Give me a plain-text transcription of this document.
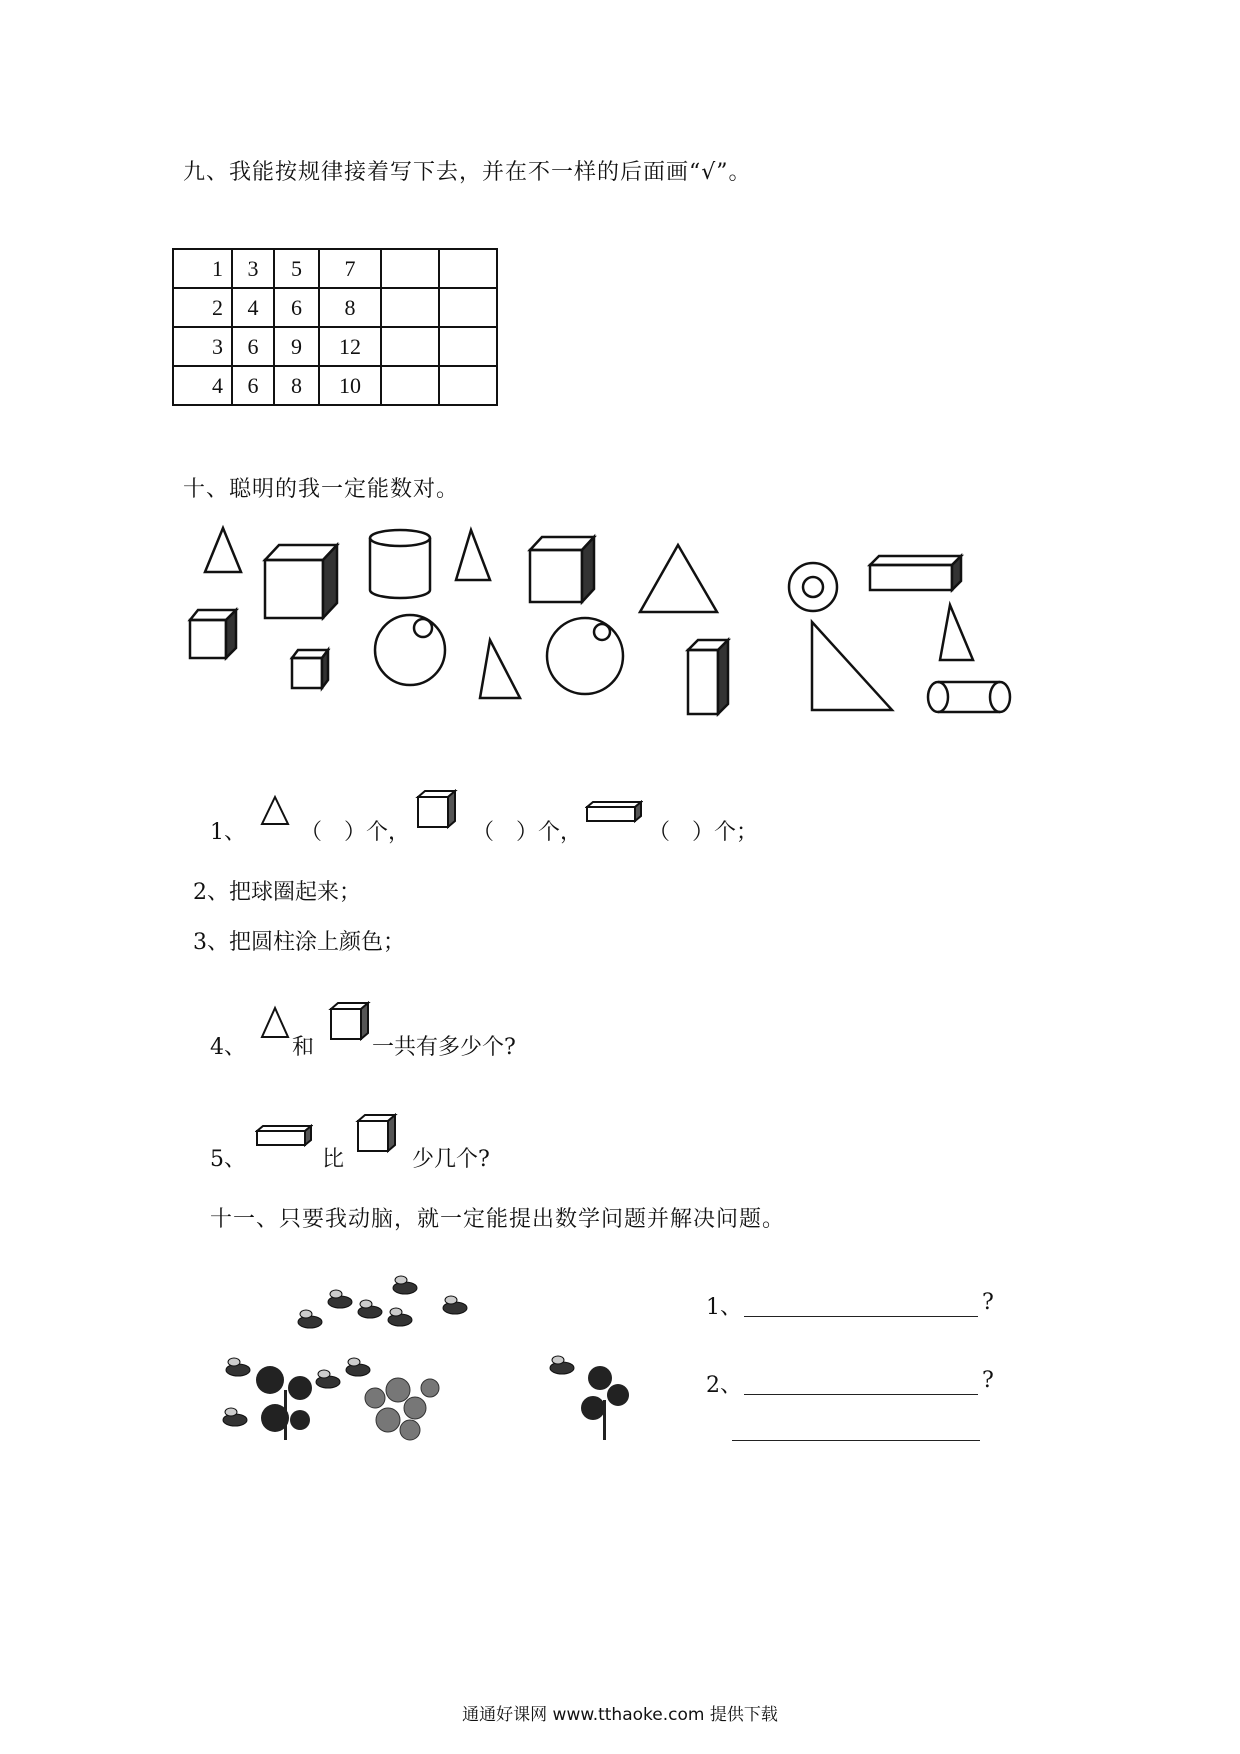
九、我能按规律接着写下去，并在不一样的后面画“√”。
1	3	5	7		
2	4	6	8		
3	6	9	12		
4	6	8	10		
十、聪明的我一定能数对。
1、 （　）个，	（　）个，	（　）个；
2、把球圈起来；
3、把圆柱涂上颜色；
4、 和	一共有多少个?
5、	比	少几个?
十一、只要我动脑，就一定能提出数学问题并解决问题。
1、	?
2、	?
通通好课网 www.tthaoke.com 提供下载
